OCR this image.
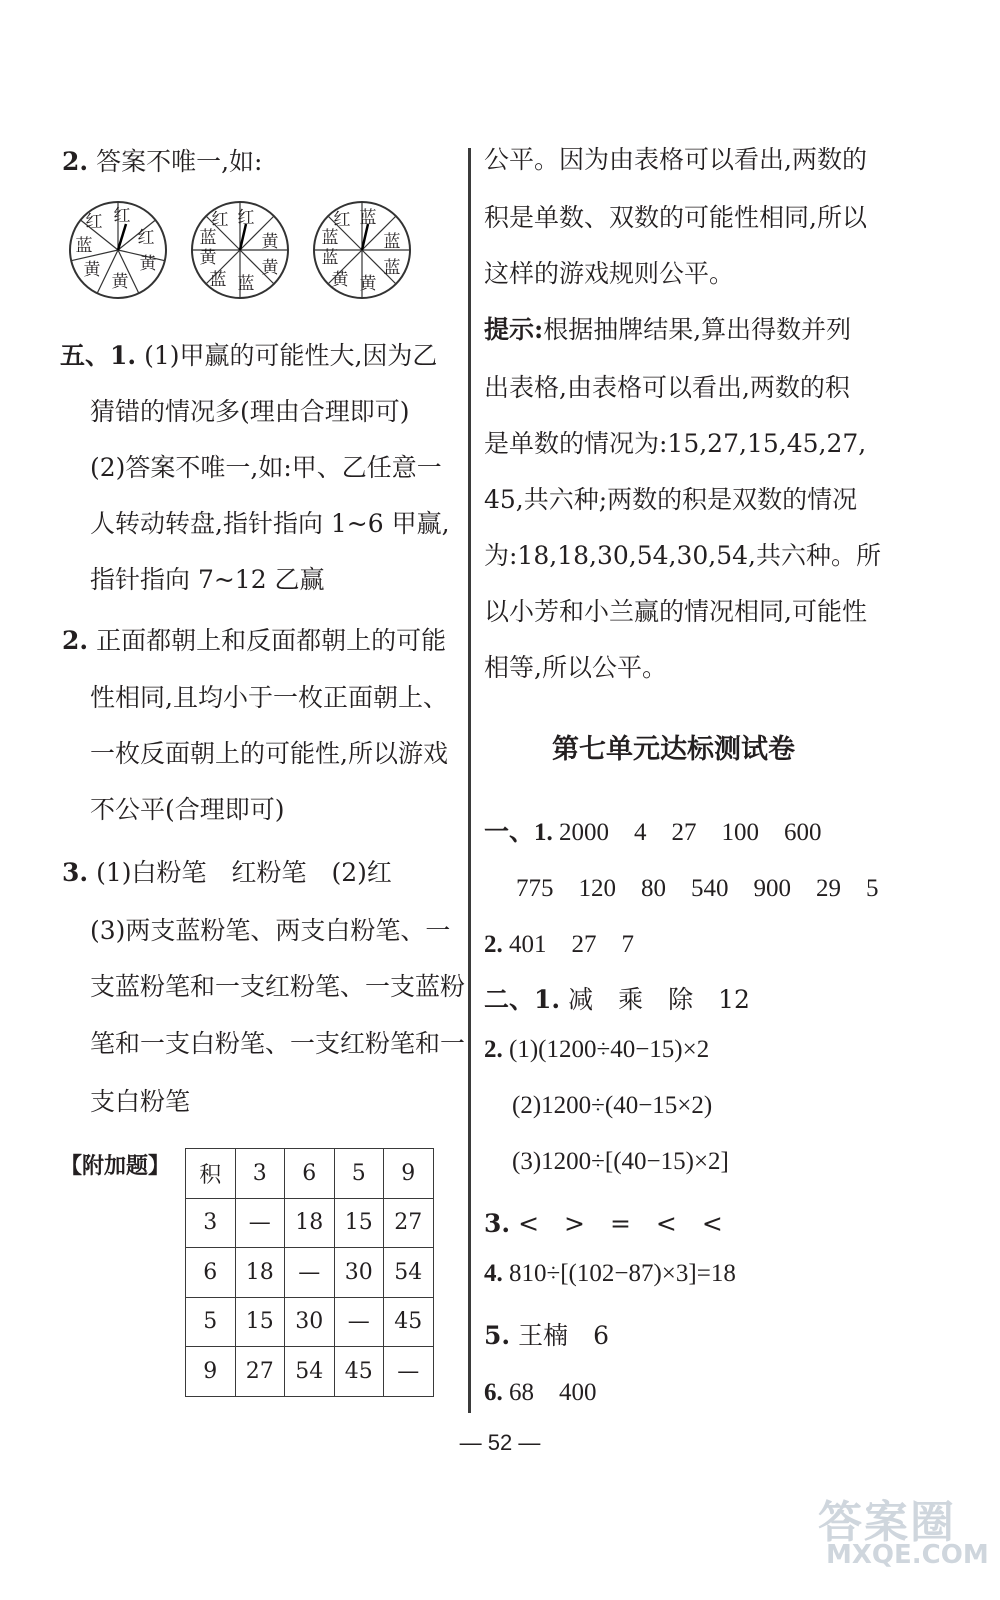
2. 答案不唯一,如:
红 红
红
黄
黄
黄
蓝
红 红
黄
黄
蓝
蓝
黄
蓝
红 蓝
蓝
蓝
黄
黄
蓝
蓝
五、1. (1)甲赢的可能性大,因为乙
猜错的情况多(理由合理即可)
(2)答案不唯一,如:甲、乙任意一
人转动转盘,指针指向 1~6 甲赢,
指针指向 7~12 乙赢
2. 正面都朝上和反面都朝上的可能
性相同,且均小于一枚正面朝上、
一枚反面朝上的可能性,所以游戏
不公平(合理即可)
3. (1)白粉笔　红粉笔　(2)红
(3)两支蓝粉笔、两支白粉笔、一
支蓝粉笔和一支红粉笔、一支蓝粉
笔和一支白粉笔、一支红粉笔和一
支白粉笔
【附加题】 积	3	6	5	9
3	—	18	15	27
6	18	—	30	54
5	15	30	—	45
9	27	54	45	—
公平。因为由表格可以看出,两数的
积是单数、双数的可能性相同,所以
这样的游戏规则公平。
提示:根据抽牌结果,算出得数并列
出表格,由表格可以看出,两数的积
是单数的情况为:15,27,15,45,27,
45,共六种;两数的积是双数的情况
为:18,18,30,54,30,54,共六种。所
以小芳和小兰赢的情况相同,可能性
相等,所以公平。
第七单元达标测试卷
一、1. 2000　4　27　100　600
775　120　80　540　900　29　5
2. 401　27　7
二、1. 减　乘　除　12
2. (1)(1200÷40−15)×2
(2)1200÷(40−15×2)
(3)1200÷[(40−15)×2]
3. <　>　=　<　<
4. 810÷[(102−87)×3]=18
5. 王楠　6
6. 68　400
— 52 —
答案圈
MXQE.COM
